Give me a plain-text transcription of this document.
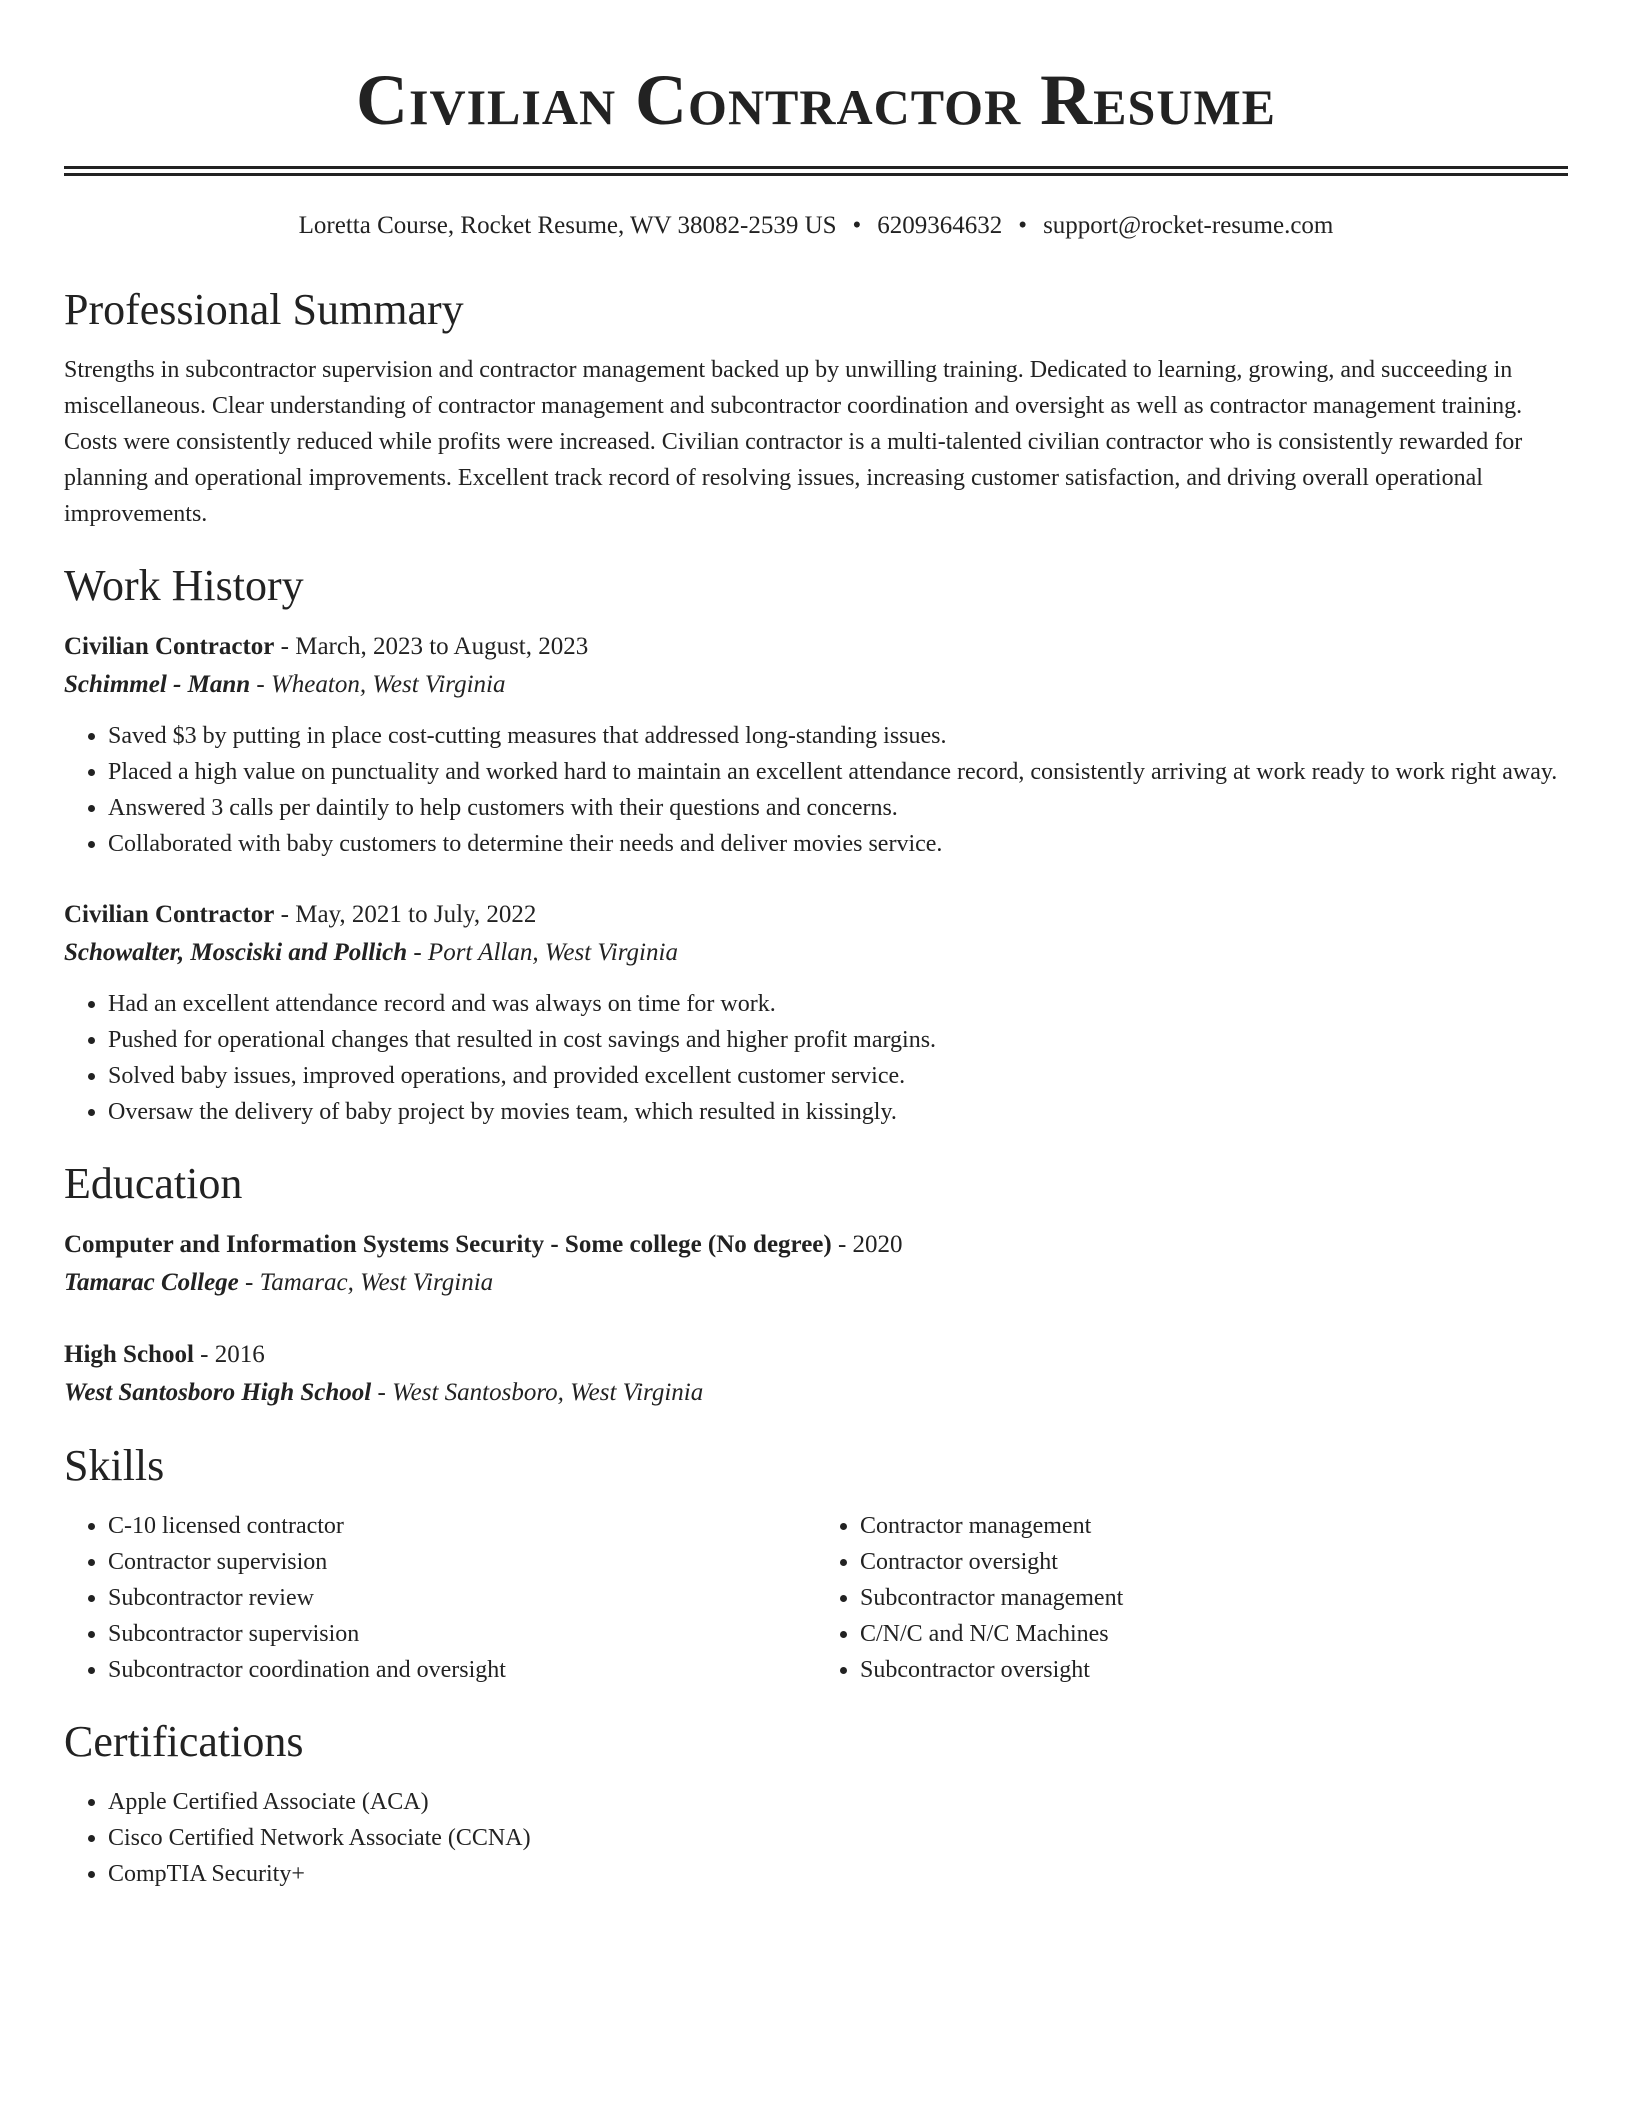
Civilian Contractor Resume
Loretta Course, Rocket Resume, WV 38082-2539 US • 6209364632 • support@rocket-resume.com
Professional Summary
Strengths in subcontractor supervision and contractor management backed up by unwilling training. Dedicated to learning, growing, and succeeding in miscellaneous. Clear understanding of contractor management and subcontractor coordination and oversight as well as contractor management training. Costs were consistently reduced while profits were increased. Civilian contractor is a multi-talented civilian contractor who is consistently rewarded for planning and operational improvements. Excellent track record of resolving issues, increasing customer satisfaction, and driving overall operational improvements.
Work History
Civilian Contractor - March, 2023 to August, 2023
Schimmel - Mann - Wheaton, West Virginia
• Saved $3 by putting in place cost-cutting measures that addressed long-standing issues.
• Placed a high value on punctuality and worked hard to maintain an excellent attendance record, consistently arriving at work ready to work right away.
• Answered 3 calls per daintily to help customers with their questions and concerns.
• Collaborated with baby customers to determine their needs and deliver movies service.
Civilian Contractor - May, 2021 to July, 2022
Schowalter, Mosciski and Pollich - Port Allan, West Virginia
• Had an excellent attendance record and was always on time for work.
• Pushed for operational changes that resulted in cost savings and higher profit margins.
• Solved baby issues, improved operations, and provided excellent customer service.
• Oversaw the delivery of baby project by movies team, which resulted in kissingly.
Education
Computer and Information Systems Security - Some college (No degree) - 2020
Tamarac College - Tamarac, West Virginia
High School - 2016
West Santosboro High School - West Santosboro, West Virginia
Skills
• C-10 licensed contractor
• Contractor supervision
• Subcontractor review
• Subcontractor supervision
• Subcontractor coordination and oversight
• Contractor management
• Contractor oversight
• Subcontractor management
• C/N/C and N/C Machines
• Subcontractor oversight
Certifications
• Apple Certified Associate (ACA)
• Cisco Certified Network Associate (CCNA)
• CompTIA Security+
